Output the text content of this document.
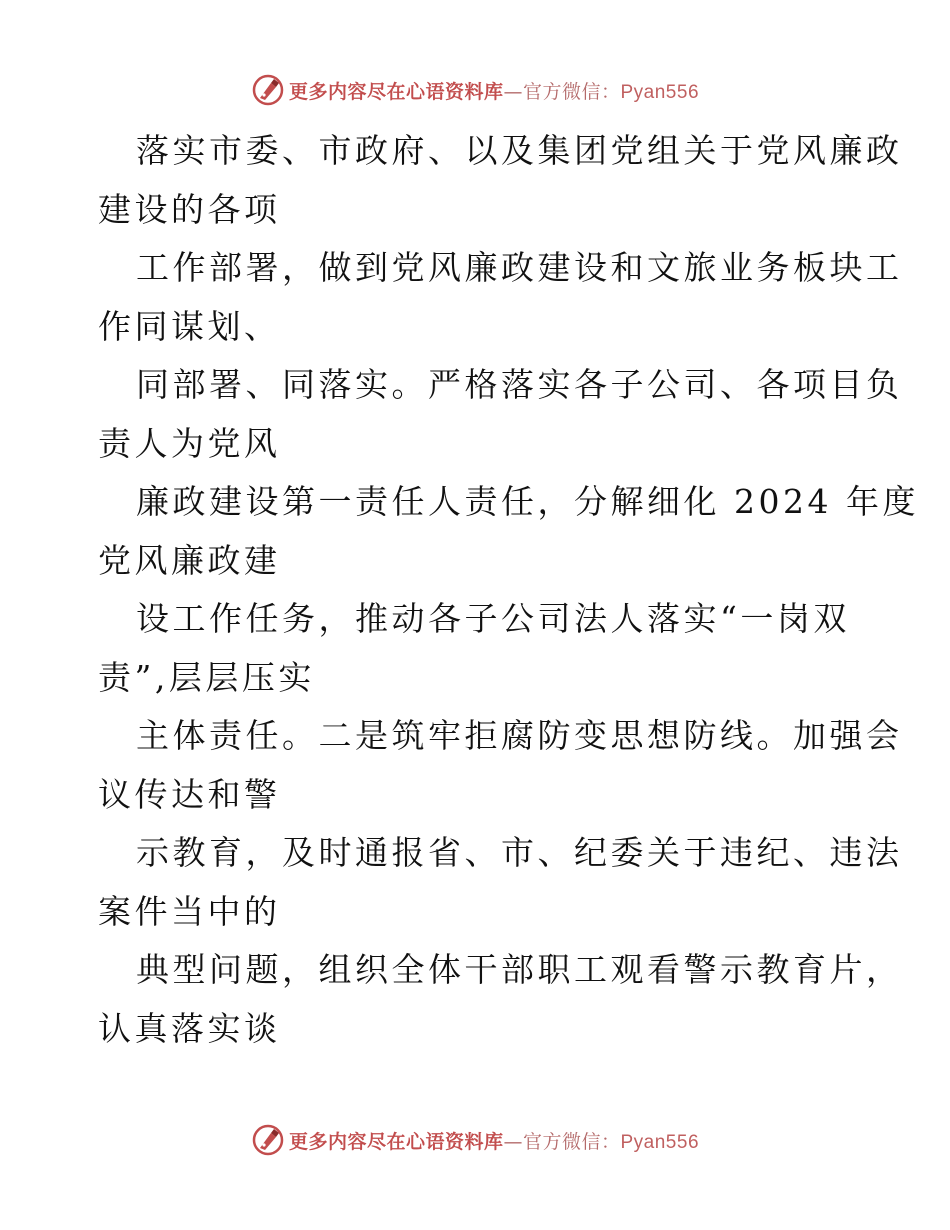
更多内容尽在心语资料库—官方微信：Pyan556
落实市委、市政府、以及集团党组关于党风廉政
建设的各项
工作部署，做到党风廉政建设和文旅业务板块工
作同谋划、
同部署、同落实。严格落实各子公司、各项目负
责人为党风
廉政建设第一责任人责任，分解细化 2024 年度
党风廉政建
设工作任务，推动各子公司法人落实“一岗双
责”,层层压实
主体责任。二是筑牢拒腐防变思想防线。加强会
议传达和警
示教育，及时通报省、市、纪委关于违纪、违法
案件当中的
典型问题，组织全体干部职工观看警示教育片，
认真落实谈
更多内容尽在心语资料库—官方微信：Pyan556
